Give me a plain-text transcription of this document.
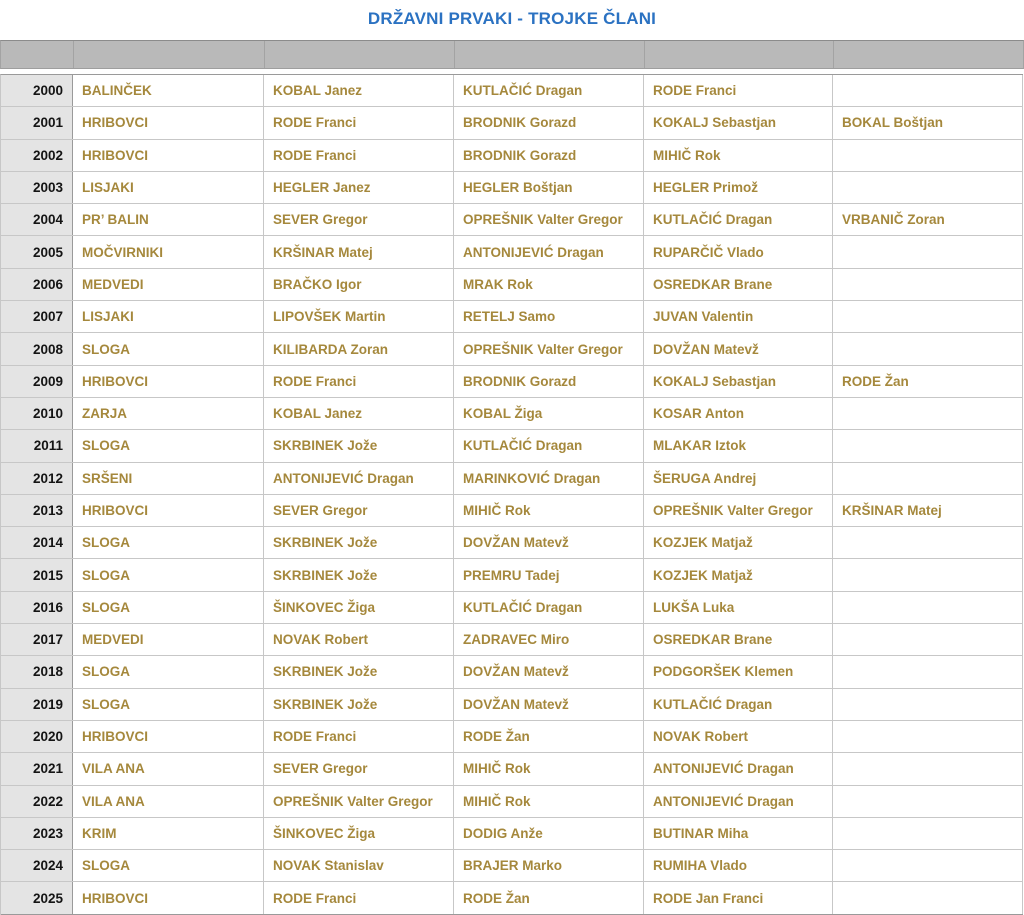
DRŽAVNI PRVAKI - TROJKE ČLANI
2000	BALINČEK	KOBAL Janez	KUTLAČIĆ Dragan	RODE Franci
2001	HRIBOVCI	RODE Franci	BRODNIK Gorazd	KOKALJ Sebastjan	BOKAL Boštjan
2002	HRIBOVCI	RODE Franci	BRODNIK Gorazd	MIHIČ Rok
2003	LISJAKI	HEGLER Janez	HEGLER Boštjan	HEGLER Primož
2004	PR’ BALIN	SEVER Gregor	OPREŠNIK Valter Gregor	KUTLAČIĆ Dragan	VRBANIČ Zoran
2005	MOČVIRNIKI	KRŠINAR Matej	ANTONIJEVIĆ Dragan	RUPARČIČ Vlado
2006	MEDVEDI	BRAČKO Igor	MRAK Rok	OSREDKAR Brane
2007	LISJAKI	LIPOVŠEK Martin	RETELJ Samo	JUVAN Valentin
2008	SLOGA	KILIBARDA Zoran	OPREŠNIK Valter Gregor	DOVŽAN Matevž
2009	HRIBOVCI	RODE Franci	BRODNIK Gorazd	KOKALJ Sebastjan	RODE Žan
2010	ZARJA	KOBAL Janez	KOBAL Žiga	KOSAR Anton
2011	SLOGA	SKRBINEK Jože	KUTLAČIĆ Dragan	MLAKAR Iztok
2012	SRŠENI	ANTONIJEVIĆ Dragan	MARINKOVIĆ Dragan	ŠERUGA Andrej
2013	HRIBOVCI	SEVER Gregor	MIHIČ Rok	OPREŠNIK Valter Gregor	KRŠINAR Matej
2014	SLOGA	SKRBINEK Jože	DOVŽAN Matevž	KOZJEK Matjaž
2015	SLOGA	SKRBINEK Jože	PREMRU Tadej	KOZJEK Matjaž
2016	SLOGA	ŠINKOVEC Žiga	KUTLAČIĆ Dragan	LUKŠA Luka
2017	MEDVEDI	NOVAK Robert	ZADRAVEC Miro	OSREDKAR Brane
2018	SLOGA	SKRBINEK Jože	DOVŽAN Matevž	PODGORŠEK Klemen
2019	SLOGA	SKRBINEK Jože	DOVŽAN Matevž	KUTLAČIĆ Dragan
2020	HRIBOVCI	RODE Franci	RODE Žan	NOVAK Robert
2021	VILA ANA	SEVER Gregor	MIHIČ Rok	ANTONIJEVIĆ Dragan
2022	VILA ANA	OPREŠNIK Valter Gregor	MIHIČ Rok	ANTONIJEVIĆ Dragan
2023	KRIM	ŠINKOVEC Žiga	DODIG Anže	BUTINAR Miha
2024	SLOGA	NOVAK Stanislav	BRAJER Marko	RUMIHA Vlado
2025	HRIBOVCI	RODE Franci	RODE Žan	RODE Jan Franci
